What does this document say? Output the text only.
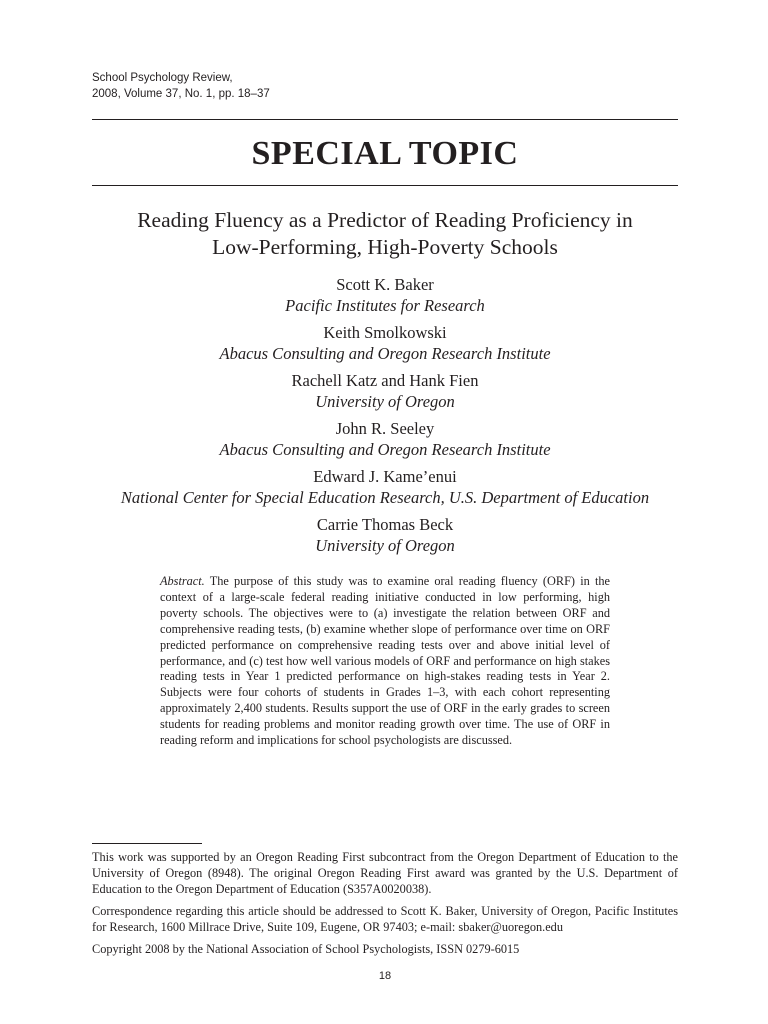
School Psychology Review,
2008, Volume 37, No. 1, pp. 18–37
SPECIAL TOPIC
Reading Fluency as a Predictor of Reading Proficiency in
Low-Performing, High-Poverty Schools
Scott K. Baker
Pacific Institutes for Research
Keith Smolkowski
Abacus Consulting and Oregon Research Institute
Rachell Katz and Hank Fien
University of Oregon
John R. Seeley
Abacus Consulting and Oregon Research Institute
Edward J. Kame’enui
National Center for Special Education Research, U.S. Department of Education
Carrie Thomas Beck
University of Oregon
Abstract. The purpose of this study was to examine oral reading fluency (ORF) in the context of a large-scale federal reading initiative conducted in low performing, high poverty schools. The objectives were to (a) investigate the relation between ORF and comprehensive reading tests, (b) examine whether slope of performance over time on ORF predicted performance on comprehensive reading tests over and above initial level of performance, and (c) test how well various models of ORF and performance on high stakes reading tests in Year 1 predicted performance on high-stakes reading tests in Year 2. Subjects were four cohorts of students in Grades 1–3, with each cohort representing approximately 2,400 students. Results support the use of ORF in the early grades to screen students for reading problems and monitor reading growth over time. The use of ORF in reading reform and implications for school psychologists are discussed.

This work was supported by an Oregon Reading First subcontract from the Oregon Department of Education to the University of Oregon (8948). The original Oregon Reading First award was granted by the U.S. Department of Education to the Oregon Department of Education (S357A0020038).

Correspondence regarding this article should be addressed to Scott K. Baker, University of Oregon, Pacific Institutes for Research, 1600 Millrace Drive, Suite 109, Eugene, OR 97403; e-mail: sbaker@uoregon.edu

Copyright 2008 by the National Association of School Psychologists, ISSN 0279-6015

18
